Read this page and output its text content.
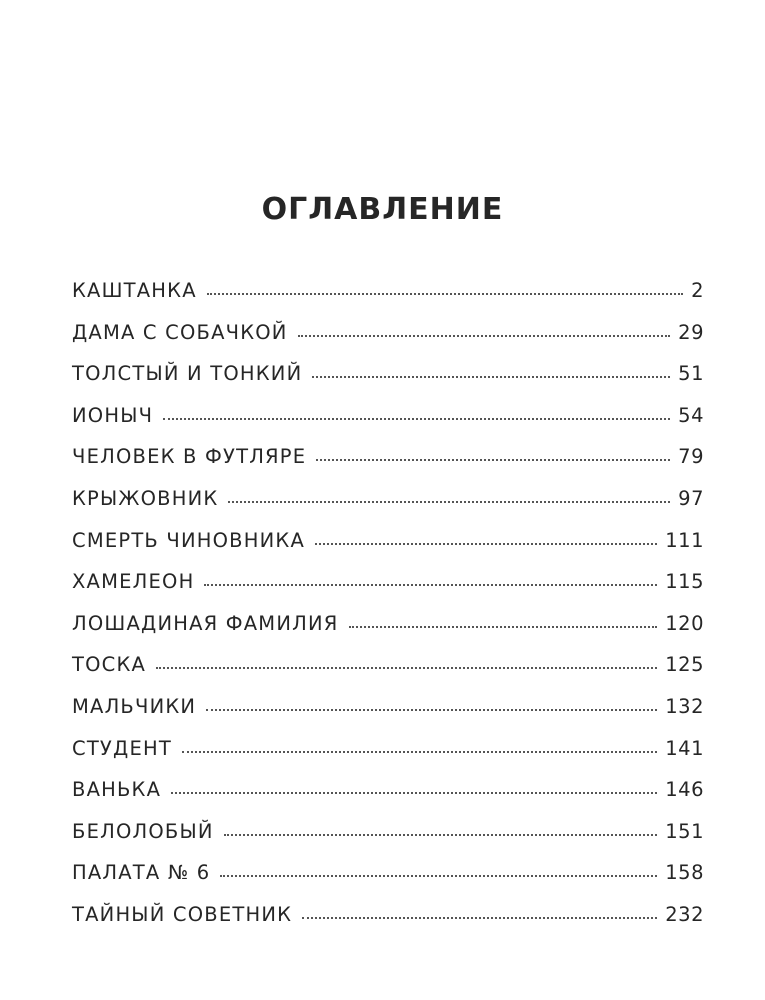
ОГЛАВЛЕНИЕ
КАШТАНКА	2
ДАМА С СОБАЧКОЙ	29
ТОЛСТЫЙ И ТОНКИЙ	51
ИОНЫЧ	54
ЧЕЛОВЕК В ФУТЛЯРЕ	79
КРЫЖОВНИК	97
СМЕРТЬ ЧИНОВНИКА	111
ХАМЕЛЕОН	115
ЛОШАДИНАЯ ФАМИЛИЯ	120
ТОСКА	125
МАЛЬЧИКИ	132
СТУДЕНТ	141
ВАНЬКА	146
БЕЛОЛОБЫЙ	151
ПАЛАТА № 6	158
ТАЙНЫЙ СОВЕТНИК	232
